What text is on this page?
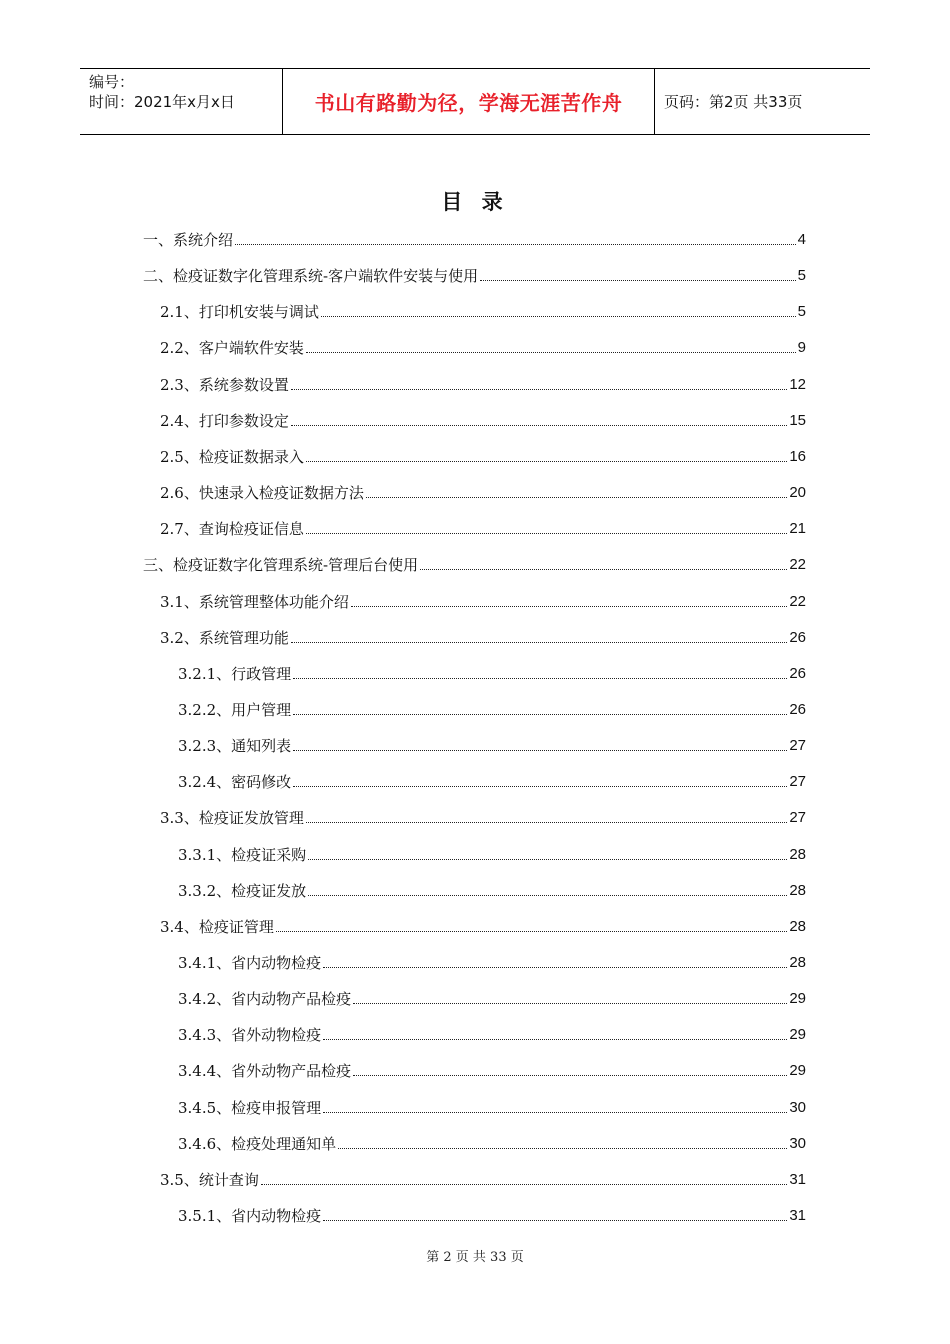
编号：
时间：2021年x月x日	书山有路勤为径，学海无涯苦作舟	页码：第2页 共33页
目 录
一、系统介绍	4
二、检疫证数字化管理系统-客户端软件安装与使用	5
2.1、打印机安装与调试	5
2.2、客户端软件安装	9
2.3、系统参数设置	12
2.4、打印参数设定	15
2.5、检疫证数据录入	16
2.6、快速录入检疫证数据方法	20
2.7、查询检疫证信息	21
三、检疫证数字化管理系统-管理后台使用	22
3.1、系统管理整体功能介绍	22
3.2、系统管理功能	26
3.2.1、行政管理	26
3.2.2、用户管理	26
3.2.3、通知列表	27
3.2.4、密码修改	27
3.3、检疫证发放管理	27
3.3.1、检疫证采购	28
3.3.2、检疫证发放	28
3.4、检疫证管理	28
3.4.1、省内动物检疫	28
3.4.2、省内动物产品检疫	29
3.4.3、省外动物检疫	29
3.4.4、省外动物产品检疫	29
3.4.5、检疫申报管理	30
3.4.6、检疫处理通知单	30
3.5、统计查询	31
3.5.1、省内动物检疫	31
第 2 页 共 33 页
